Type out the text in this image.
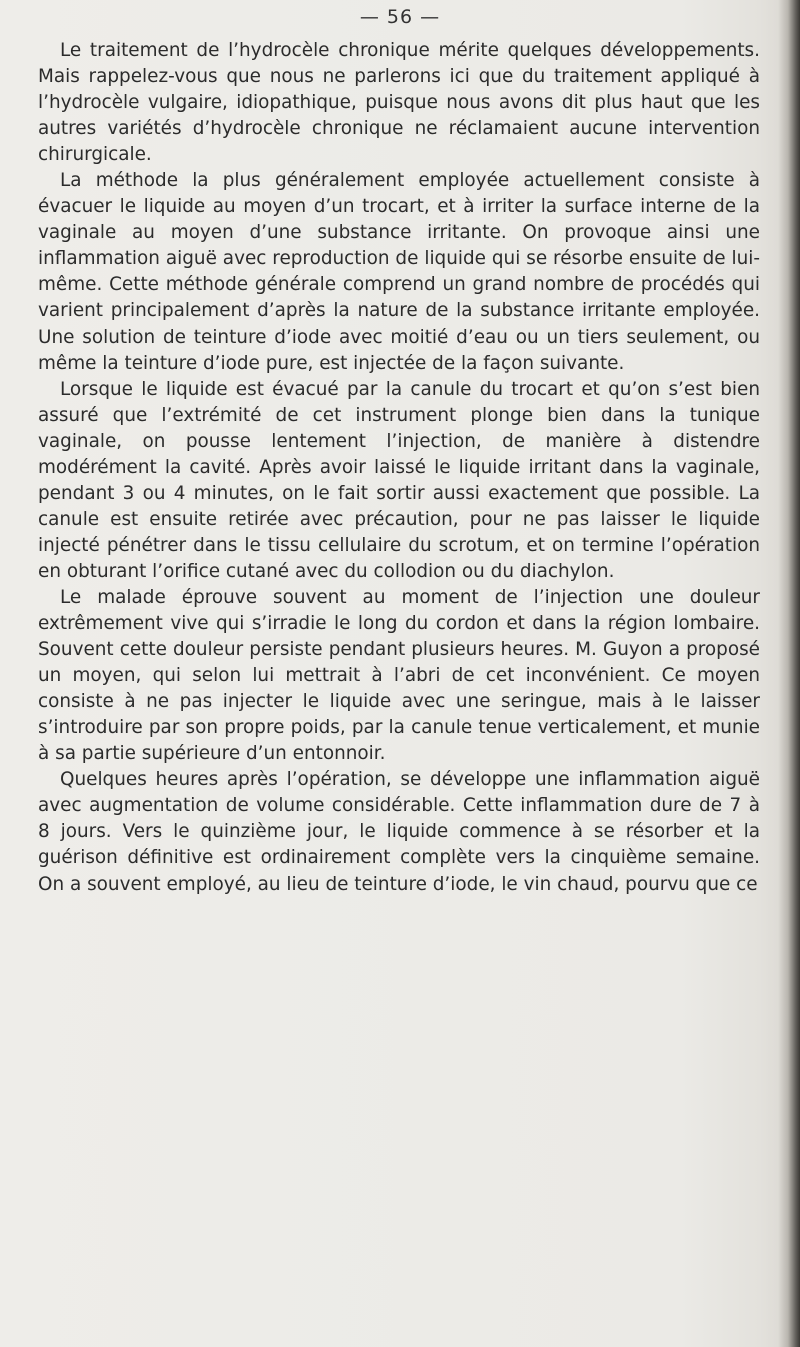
— 56 —

Le traitement de l’hydrocèle chronique mérite quelques développements. Mais rappelez-vous que nous ne parlerons ici que du traitement appliqué à l’hydrocèle vulgaire, idiopathique, puisque nous avons dit plus haut que les autres variétés d’hydrocèle chronique ne réclamaient aucune intervention chirurgicale.

La méthode la plus généralement employée actuellement consiste à évacuer le liquide au moyen d’un trocart, et à irriter la surface interne de la vaginale au moyen d’une substance irritante. On provoque ainsi une inflammation aiguë avec reproduction de liquide qui se résorbe ensuite de lui-même. Cette méthode générale comprend un grand nombre de procédés qui varient principalement d’après la nature de la substance irritante employée. Une solution de teinture d’iode avec moitié d’eau ou un tiers seulement, ou même la teinture d’iode pure, est injectée de la façon suivante.

Lorsque le liquide est évacué par la canule du trocart et qu’on s’est bien assuré que l’extrémité de cet instrument plonge bien dans la tunique vaginale, on pousse lentement l’injection, de manière à distendre modérément la cavité. Après avoir laissé le liquide irritant dans la vaginale, pendant 3 ou 4 minutes, on le fait sortir aussi exactement que possible. La canule est ensuite retirée avec précaution, pour ne pas laisser le liquide injecté pénétrer dans le tissu cellulaire du scrotum, et on termine l’opération en obturant l’orifice cutané avec du collodion ou du diachylon.

Le malade éprouve souvent au moment de l’injection une douleur extrêmement vive qui s’irradie le long du cordon et dans la région lombaire. Souvent cette douleur persiste pendant plusieurs heures. M. Guyon a proposé un moyen, qui selon lui mettrait à l’abri de cet inconvénient. Ce moyen consiste à ne pas injecter le liquide avec une seringue, mais à le laisser s’introduire par son propre poids, par la canule tenue verticalement, et munie à sa partie supérieure d’un entonnoir.

Quelques heures après l’opération, se développe une inflammation aiguë avec augmentation de volume considérable. Cette inflammation dure de 7 à 8 jours. Vers le quinzième jour, le liquide commence à se résorber et la guérison définitive est ordinairement complète vers la cinquième semaine. On a souvent employé, au lieu de teinture d’iode, le vin chaud, pourvu que ce
